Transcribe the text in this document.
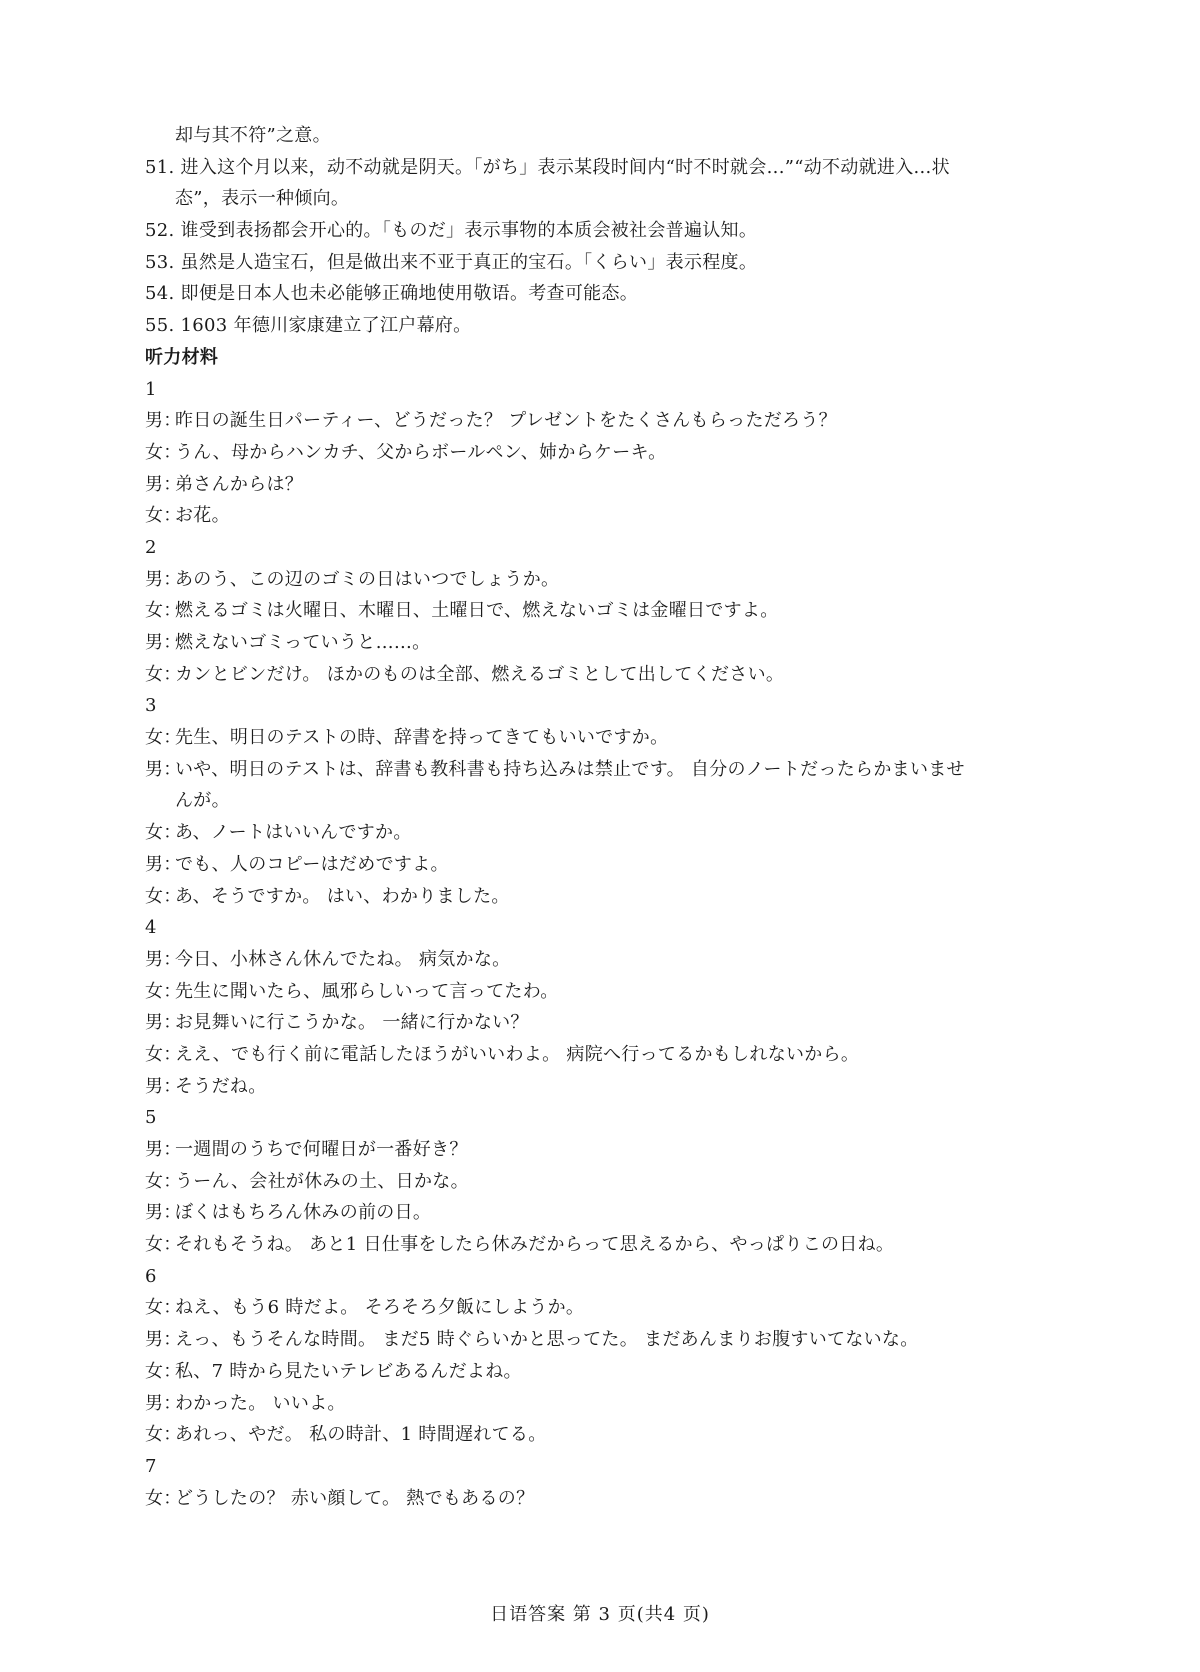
却与其不符”之意。
51. 进入这个月以来，动不动就是阴天。「がち」表示某段时间内“时不时就会...”“动不动就进入...状
态”，表示一种倾向。
52. 谁受到表扬都会开心的。「ものだ」表示事物的本质会被社会普遍认知。
53. 虽然是人造宝石，但是做出来不亚于真正的宝石。「くらい」表示程度。
54. 即便是日本人也未必能够正确地使用敬语。考查可能态。
55. 1603 年德川家康建立了江户幕府。
听力材料
1
男：昨日の誕生日パーティー、どうだった？ プレゼントをたくさんもらっただろう？
女：うん、母からハンカチ、父からボールペン、姉からケーキ。
男：弟さんからは？
女：お花。
2
男：あのう、この辺のゴミの日はいつでしょうか。
女：燃えるゴミは火曜日、木曜日、土曜日で、燃えないゴミは金曜日ですよ。
男：燃えないゴミっていうと……。
女：カンとビンだけ。 ほかのものは全部、燃えるゴミとして出してください。
3
女：先生、明日のテストの時、辞書を持ってきてもいいですか。
男：いや、明日のテストは、辞書も教科書も持ち込みは禁止です。 自分のノートだったらかまいませ
んが。
女：あ、ノートはいいんですか。
男：でも、人のコピーはだめですよ。
女：あ、そうですか。 はい、わかりました。
4
男：今日、小林さん休んでたね。 病気かな。
女：先生に聞いたら、風邪らしいって言ってたわ。
男：お見舞いに行こうかな。 一緒に行かない？
女：ええ、でも行く前に電話したほうがいいわよ。 病院へ行ってるかもしれないから。
男：そうだね。
5
男：一週間のうちで何曜日が一番好き？
女：うーん、会社が休みの土、日かな。
男：ぼくはもちろん休みの前の日。
女：それもそうね。 あと1 日仕事をしたら休みだからって思えるから、やっぱりこの日ね。
6
女：ねえ、もう6 時だよ。 そろそろ夕飯にしようか。
男：えっ、もうそんな時間。 まだ5 時ぐらいかと思ってた。 まだあんまりお腹すいてないな。
女：私、7 時から見たいテレビあるんだよね。
男：わかった。 いいよ。
女：あれっ、やだ。 私の時計、1 時間遅れてる。
7
女：どうしたの？ 赤い顔して。 熱でもあるの？
日语答案 第 3 页(共4 页)
